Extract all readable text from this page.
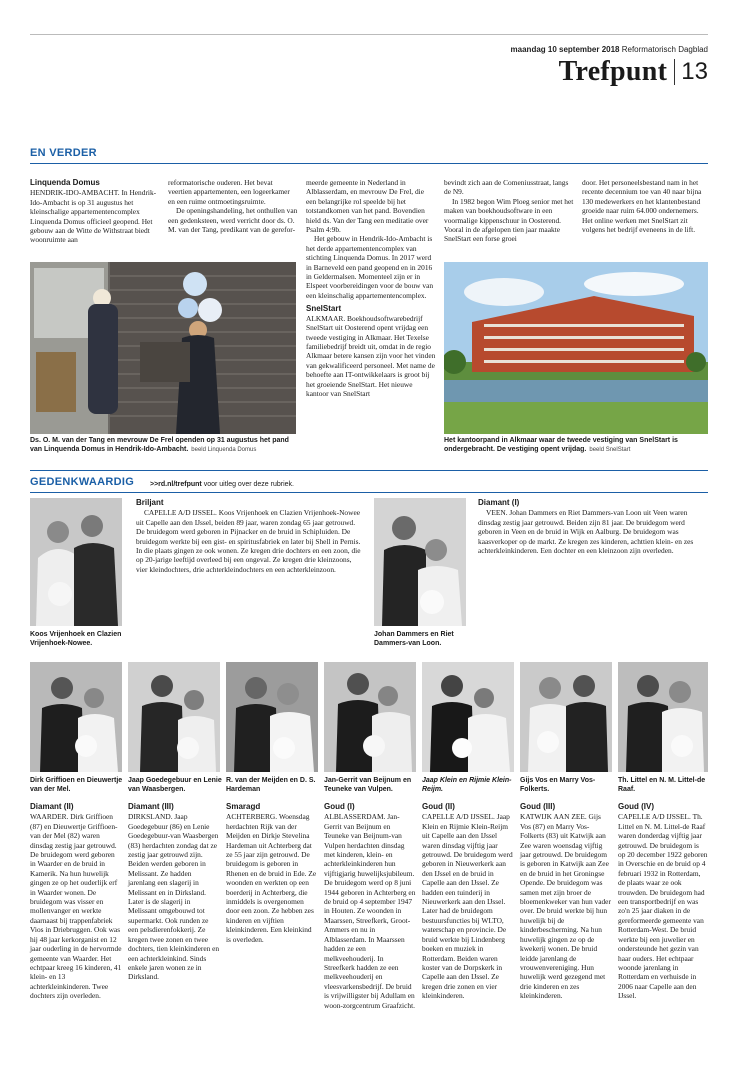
maandag 10 september 2018 Reformatorisch Dagblad
Trefpunt 13
EN VERDER
Linquenda Domus

HENDRIK-IDO-AMBACHT. In Hendrik-Ido-Ambacht is op 31 augustus het kleinschalige appartementencomplex Linquenda Domus officieel geopend. Het gebouw aan de Witte de Withstraat biedt woonruimte aan

reformatorische ouderen. Het bevat veertien appartementen, een logeerkamer en een ruime ontmoetingsruimte.

De openingshandeling, het onthullen van een gedenksteen, werd verricht door ds. O. M. van der Tang, predikant van de gerefor-

meerde gemeente in Nederland in Alblasserdam, en mevrouw De Frel, die een belangrijke rol speelde bij het totstandkomen van het pand. Bovendien hield ds. Van der Tang een meditatie over Psalm 4:9b.

Het gebouw in Hendrik-Ido-Ambacht is het derde appartementencomplex van stichting Linquenda Domus. In 2017 werd in Barneveld een pand geopend en in 2016 in Geldermalsen. Momenteel zijn er in Elspeet voorbereidingen voor de bouw van een kleinschalig appartementencomplex.

SnelStart

ALKMAAR. Boekhoudsoftwarebedrijf SnelStart uit Oosterend opent vrijdag een tweede vestiging in Alkmaar. Het Texelse familiebedrijf breidt uit, omdat in de regio Alkmaar betere kansen zijn voor het vinden van gekwalificeerd personeel. Met name de behoefte aan IT-ontwikkelaars is groot bij het groeiende SnelStart. Het nieuwe kantoor van SnelStart

bevindt zich aan de Comeniusstraat, langs de N9.

In 1982 begon Wim Ploeg senior met het maken van boekhoudsoftware in een voormalige kippenschuur in Oosterend. Vooral in de afgelopen tien jaar maakte SnelStart een forse groei

door. Het personeelsbestand nam in het recente decennium toe van 40 naar bijna 130 medewerkers en het klantenbestand groeide naar ruim 64.000 ondernemers. Het online werken met SnelStart zit volgens het bedrijf eveneens in de lift.

Ds. O. M. van der Tang en mevrouw De Frel openden op 31 augustus het pand van Linquenda Domus in Hendrik-Ido-Ambacht. beeld Linquenda Domus
Het kantoorpand in Alkmaar waar de tweede vestiging van SnelStart is ondergebracht. De vestiging opent vrijdag. beeld SnelStart
GEDENKWAARDIG >>rd.nl/trefpunt voor uitleg over deze rubriek.
Briljant

CAPELLE A/D IJSSEL. Koos Vrijenhoek en Clazien Vrijenhoek-Nowee uit Capelle aan den IJssel, beiden 89 jaar, waren zondag 65 jaar getrouwd. De bruidegom werd geboren in Pijnacker en de bruid in Schipluiden. De bruidegom werkte bij een gist- en spiritusfabriek en later bij Shell in Pernis. In die plaats gingen ze ook wonen. Ze kregen drie dochters en een zoon, die op 20-jarige leeftijd overleed bij een ongeval. Ze kregen drie kleinzoons, vier kleindochters, drie achterkleindochters en een achterkleinzoon.

Koos Vrijenhoek en Clazien Vrijenhoek-Nowee.
Diamant (I)

VEEN. Johan Dammers en Riet Dammers-van Loon uit Veen waren dinsdag zestig jaar getrouwd. Beiden zijn 81 jaar. De bruidegom werd geboren in Veen en de bruid in Wijk en Aalburg. De bruidegom was kaasverkoper op de markt. Ze kregen zes kinderen, achttien klein- en zes achterkleinkinderen. Een dochter en een kleinzoon zijn overleden.

Johan Dammers en Riet Dammers-van Loon.
Dirk Griffioen en Dieuwertje van der Mel.
Jaap Goedegebuur en Lenie van Waasbergen.
R. van der Meijden en D. S. Hardeman
Jan-Gerrit van Beijnum en Teuneke van Vulpen.
Jaap Klein en Rijmie Klein-Reijm.
Gijs Vos en Marry Vos-Folkerts.
Th. Littel en N. M. Littel-de Raaf.
Diamant (II)

WAARDER. Dirk Griffioen (87) en Dieuwertje Griffioen-van der Mel (82) waren dinsdag zestig jaar getrouwd. De bruidegom werd geboren in Waarder en de bruid in Kamerik. Na hun huwelijk gingen ze op het ouderlijk erf in Waarder wonen. De bruidegom was visser en mollenvanger en werkte daarnaast bij trappenfabriek Vios in Driebruggen. Ook was hij 48 jaar kerkorganist en 12 jaar ouderling in de hervormde gemeente van Waarder. Het echtpaar kreeg 16 kinderen, 41 klein- en 13 achterkleinkinderen. Twee dochters zijn overleden.

Diamant (III)

DIRKSLAND. Jaap Goedegebuur (86) en Lenie Goedegebuur-van Waasbergen (83) herdachten zondag dat ze zestig jaar getrouwd zijn. Beiden werden geboren in Melissant. Ze hadden jarenlang een slagerij in Melissant en in Dirksland. Later is de slagerij in Melissant omgebouwd tot supermarkt. Ook runden ze een pelsdierenfokkerij. Ze kregen twee zonen en twee dochters, tien kleinkinderen en een achterkleinkind. Sinds enkele jaren wonen ze in Dirksland.

Smaragd

ACHTERBERG. Woensdag herdachten Rijk van der Meijden en Dirkje Stevelina Hardeman uit Achterberg dat ze 55 jaar zijn getrouwd. De bruidegom is geboren in Rhenen en de bruid in Ede. Ze woonden en werkten op een boerderij in Achterberg, die inmiddels is overgenomen door een zoon. Ze hebben zes kinderen en vijftien kleinkinderen. Een kleinkind is overleden.

Goud (I)

ALBLASSERDAM. Jan-Gerrit van Beijnum en Teuneke van Beijnum-van Vulpen herdachten dinsdag met kinderen, klein- en achterkleinkinderen hun vijftigjarig huwelijksjubileum. De bruidegom werd op 8 juni 1944 geboren in Achterberg en de bruid op 4 september 1947 in Houten. Ze woonden in Maarssen, Streefkerk, Groot-Ammers en nu in Alblasserdam. In Maarssen hadden ze een melkveehouderij. In Streefkerk hadden ze een melkveehouderij en vleesvarkensbedrijf. De bruid is vrijwilligster bij Adullam en woon-zorgcentrum Graafzicht.

Goud (II)

CAPELLE A/D IJSSEL. Jaap Klein en Rijmie Klein-Reijm uit Capelle aan den IJssel waren dinsdag vijftig jaar getrouwd. De bruidegom werd geboren in Nieuwerkerk aan den IJssel en de bruid in Capelle aan den IJssel. Ze hadden een tuinderij in Nieuwerkerk aan den IJssel. Later had de bruidegom bestuursfuncties bij WLTO, waterschap en provincie. De bruid werkte bij Lindenberg boeken en muziek in Rotterdam. Beiden waren koster van de Dorpskerk in Capelle aan den IJssel. Ze kregen drie zonen en vier kleinkinderen.

Goud (III)

KATWIJK AAN ZEE. Gijs Vos (87) en Marry Vos-Folkerts (83) uit Katwijk aan Zee waren woensdag vijftig jaar getrouwd. De bruidegom is geboren in Katwijk aan Zee en de bruid in het Groningse Opende. De bruidegom was samen met zijn broer de bloemenkweker van hun vader over. De bruid werkte bij hun huwelijk bij de kinderbescherming. Na hun huwelijk gingen ze op de kwekerij wonen. De bruid leidde jarenlang de vrouwenvereniging. Hun huwelijk werd gezegend met drie kinderen en zes kleinkinderen.

Goud (IV)

CAPELLE A/D IJSSEL. Th. Littel en N. M. Littel-de Raaf waren donderdag vijftig jaar getrouwd. De bruidegom is op 20 december 1922 geboren in Overschie en de bruid op 4 februari 1932 in Rotterdam, de plaats waar ze ook trouwden. De bruidegom had een transportbedrijf en was zo'n 25 jaar diaken in de gereformeerde gemeente van Rotterdam-West. De bruid werkte bij een juwelier en ondersteunde het gezin van haar ouders. Het echtpaar woonde jarenlang in Rotterdam en verhuisde in 2006 naar Capelle aan den IJssel.
